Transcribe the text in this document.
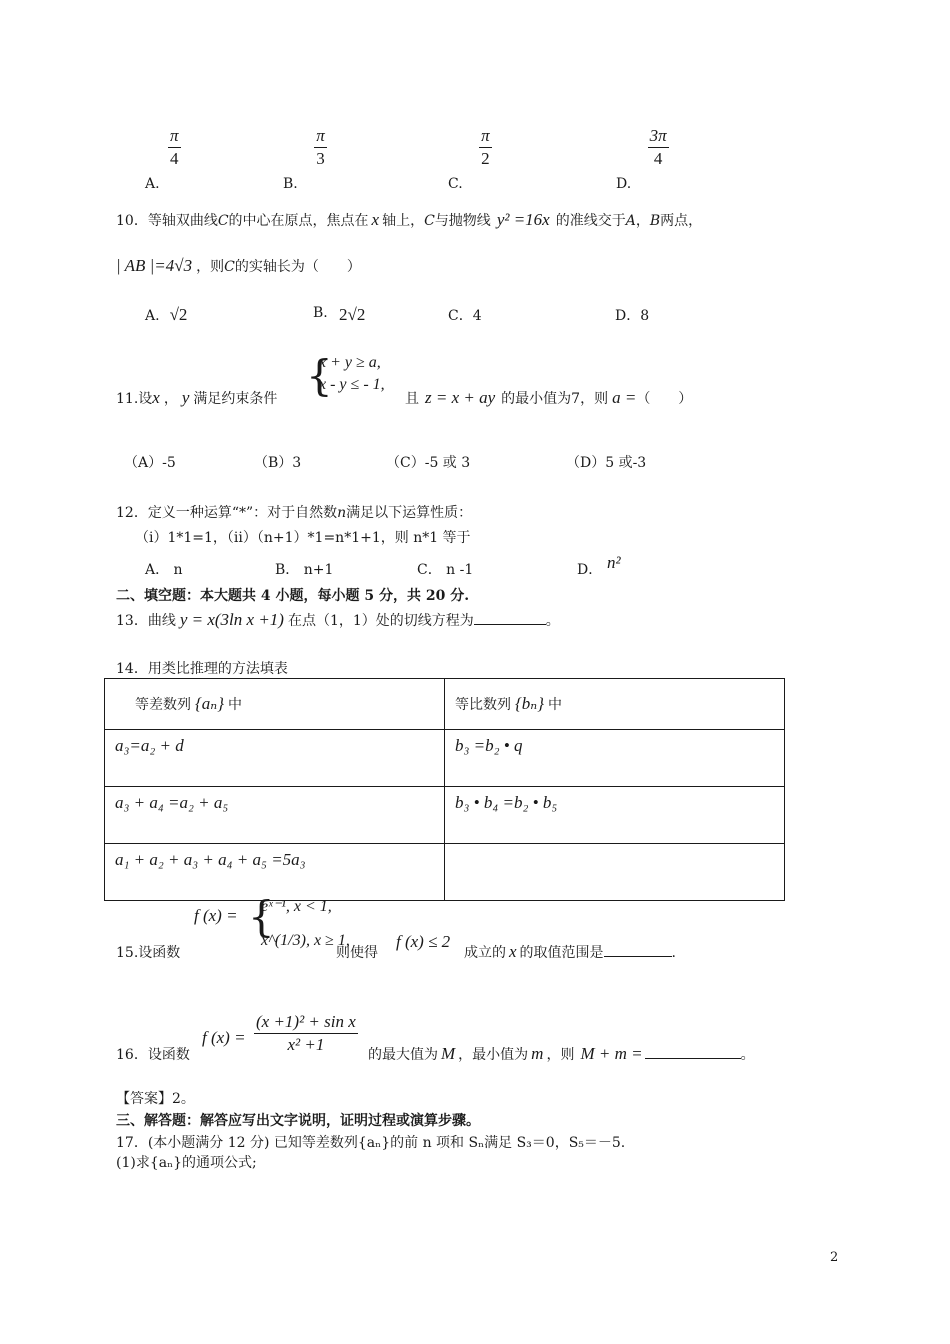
A.
$\frac{\pi}{4}$
B.
$\frac{\pi}{3}$
C.
$\frac{\pi}{2}$
D.
$\frac{3\pi}{4}$
10．等轴双曲线C的中心在原点，焦点在 x 轴上，C与抛物线 y² =16x 的准线交于A，B两点，
| AB |=4√3 ，则C的实轴长为（　　）
A. √2	B. 2√2	C．4	D．8
11.设x ， y 满足约束条件 {
x + y ≥ a,
x - y ≤ - 1,
且 z = x + ay 的最小值为7，则 a =（　　）
（A）-5	（B）3	（C）-5 或 3	（D）5 或-3
12．定义一种运算“*”：对于自然数n满足以下运算性质：
（i）1*1=1，（ii）（n+1）*1=n*1+1，则 n*1 等于
A． n	B． n+1	C． n -1	D． n²
二、填空题：本大题共 4 小题，每小题 5 分，共 20 分.
13．曲线 y = x(3ln x +1) 在点（1，1）处的切线方程为	。
14．用类比推理的方法填表
等差数列 {aₙ} 中	等比数列 {bₙ} 中
a₃=a₂ + d	b₃ =b₂ • q
a₃ + a₄ =a₂ + a₅	b₃ • b₄ =b₂ • b₅
a₁ + a₂ + a₃ + a₄ + a₅ =5a₃	
f (x) = {
eˣ⁻¹, x < 1,
x^(1/3), x ≥ 1,
15.设函数	则使得
f (x) ≤ 2
成立的 x 的取值范围是	.
16．设函数
f $(x) = \frac{\text{(x +1)² + sin x}}{\text{x² +1}}$ 的最大值为 M ，最小值为 m ，则 M + m =	。
【答案】2。
三、解答题：解答应写出文字说明，证明过程或演算步骤。
17．(本小题满分 12 分) 已知等差数列{aₙ}的前 n 项和 Sₙ满足 S₃＝0，S₅＝－5.
(1)求{aₙ}的通项公式;
2
